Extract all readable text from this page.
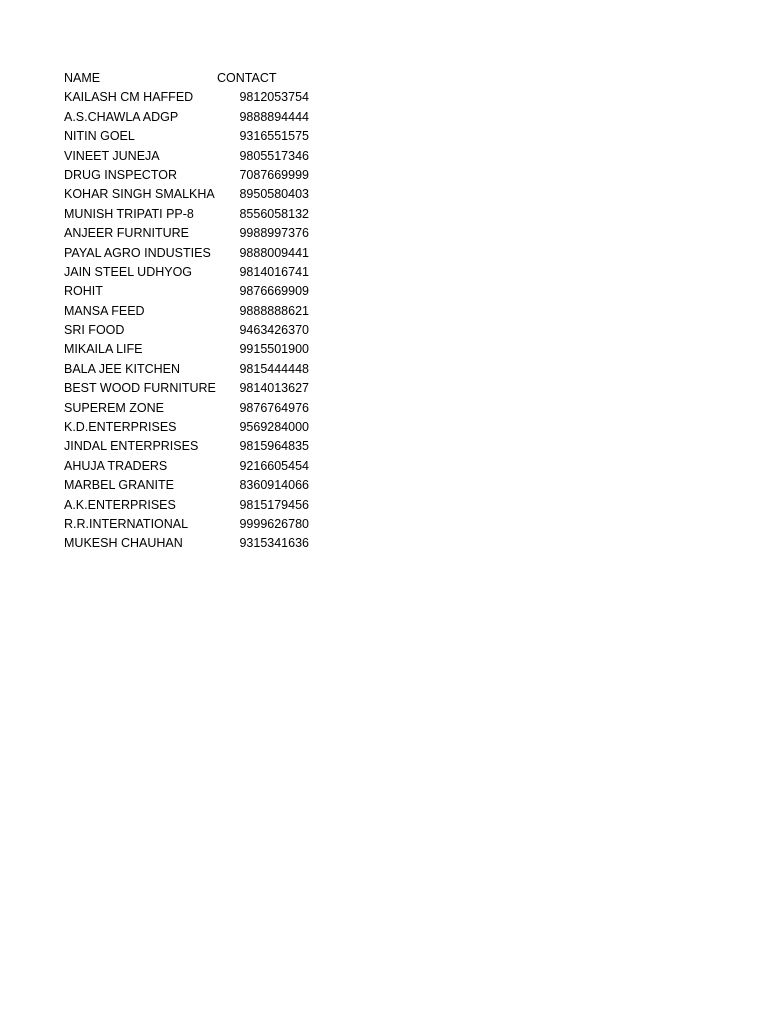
NAME	CONTACT
KAILASH CM HAFFED	9812053754
A.S.CHAWLA ADGP	9888894444
NITIN GOEL	9316551575
VINEET JUNEJA	9805517346
DRUG INSPECTOR	7087669999
KOHAR SINGH SMALKHA	8950580403
MUNISH TRIPATI PP-8	8556058132
ANJEER FURNITURE	9988997376
PAYAL AGRO INDUSTIES	9888009441
JAIN STEEL UDHYOG	9814016741
ROHIT	9876669909
MANSA FEED	9888888621
SRI FOOD	9463426370
MIKAILA LIFE	9915501900
BALA JEE KITCHEN	9815444448
BEST WOOD FURNITURE	9814013627
SUPEREM ZONE	9876764976
K.D.ENTERPRISES	9569284000
JINDAL ENTERPRISES	9815964835
AHUJA TRADERS	9216605454
MARBEL GRANITE	8360914066
A.K.ENTERPRISES	9815179456
R.R.INTERNATIONAL	9999626780
MUKESH CHAUHAN	9315341636
